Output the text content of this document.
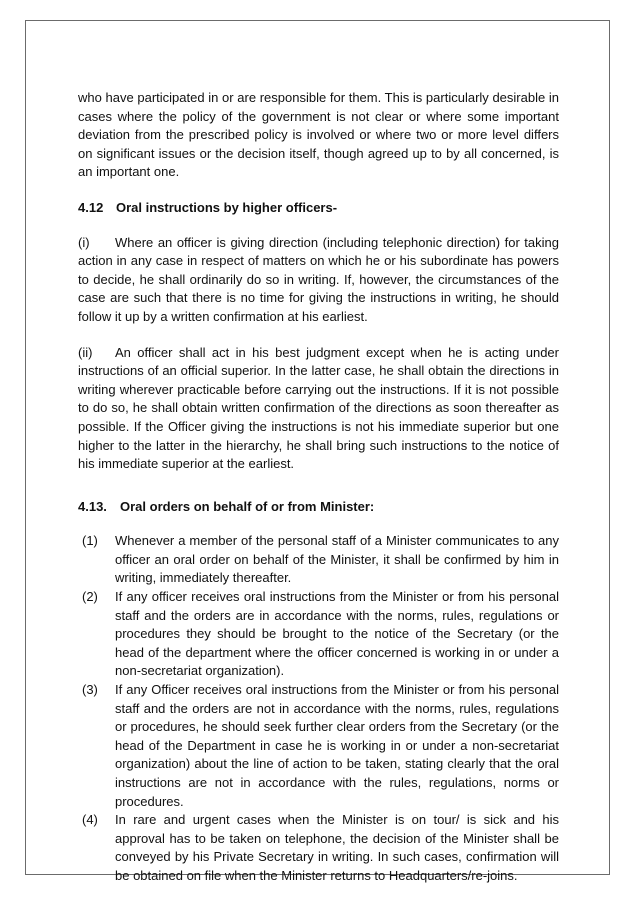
who have participated in or are responsible for them. This is particularly desirable in cases where the policy of the government is not clear or where some important deviation from the prescribed policy is involved or where two or more level differs on significant issues or the decision itself, though agreed up to by all concerned, is an important one.

4.12 Oral instructions by higher officers-

(i) Where an officer is giving direction (including telephonic direction) for taking action in any case in respect of matters on which he or his subordinate has powers to decide, he shall ordinarily do so in writing. If, however, the circumstances of the case are such that there is no time for giving the instructions in writing, he should follow it up by a written confirmation at his earliest.

(ii) An officer shall act in his best judgment except when he is acting under instructions of an official superior. In the latter case, he shall obtain the directions in writing wherever practicable before carrying out the instructions. If it is not possible to do so, he shall obtain written confirmation of the directions as soon thereafter as possible. If the Officer giving the instructions is not his immediate superior but one higher to the latter in the hierarchy, he shall bring such instructions to the notice of his immediate superior at the earliest.

4.13. Oral orders on behalf of or from Minister:

(1) Whenever a member of the personal staff of a Minister communicates to any officer an oral order on behalf of the Minister, it shall be confirmed by him in writing, immediately thereafter.
(2) If any officer receives oral instructions from the Minister or from his personal staff and the orders are in accordance with the norms, rules, regulations or procedures they should be brought to the notice of the Secretary (or the head of the department where the officer concerned is working in or under a non-secretariat organization).
(3) If any Officer receives oral instructions from the Minister or from his personal staff and the orders are not in accordance with the norms, rules, regulations or procedures, he should seek further clear orders from the Secretary (or the head of the Department in case he is working in or under a non-secretariat organization) about the line of action to be taken, stating clearly that the oral instructions are not in accordance with the rules, regulations, norms or procedures.
(4) In rare and urgent cases when the Minister is on tour/ is sick and his approval has to be taken on telephone, the decision of the Minister shall be conveyed by his Private Secretary in writing. In such cases, confirmation will be obtained on file when the Minister returns to Headquarters/re-joins.
